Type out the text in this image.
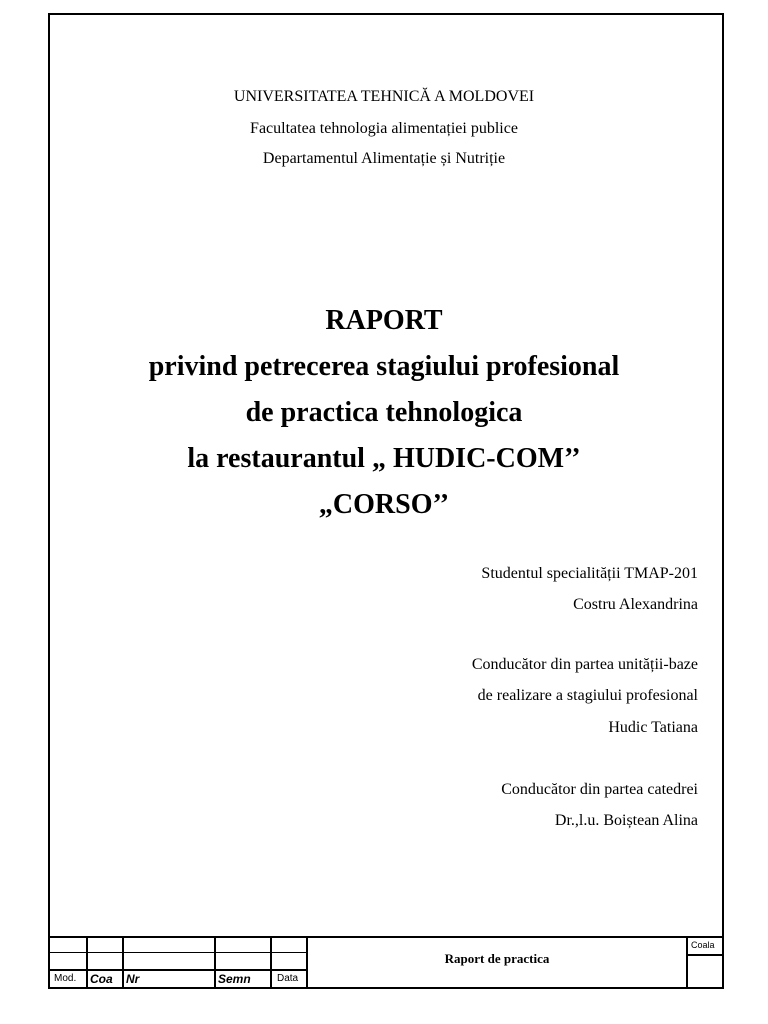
UNIVERSITATEA TEHNICĂ A MOLDOVEI
Facultatea tehnologia alimentației publice
Departamentul Alimentație și Nutriție
RAPORT
privind petrecerea stagiului profesional
de practica tehnologica
la restaurantul „ HUDIC-COM’’
„CORSO’’
Studentul specialității TMAP-201
Costru Alexandrina
Conducător din partea unității-baze
de realizare a stagiului profesional
Hudic Tatiana
Conducător din partea catedrei
Dr.,l.u. Boiștean Alina
Mod. Coa Nr	Semn	Data
Raport de practica
Coala
